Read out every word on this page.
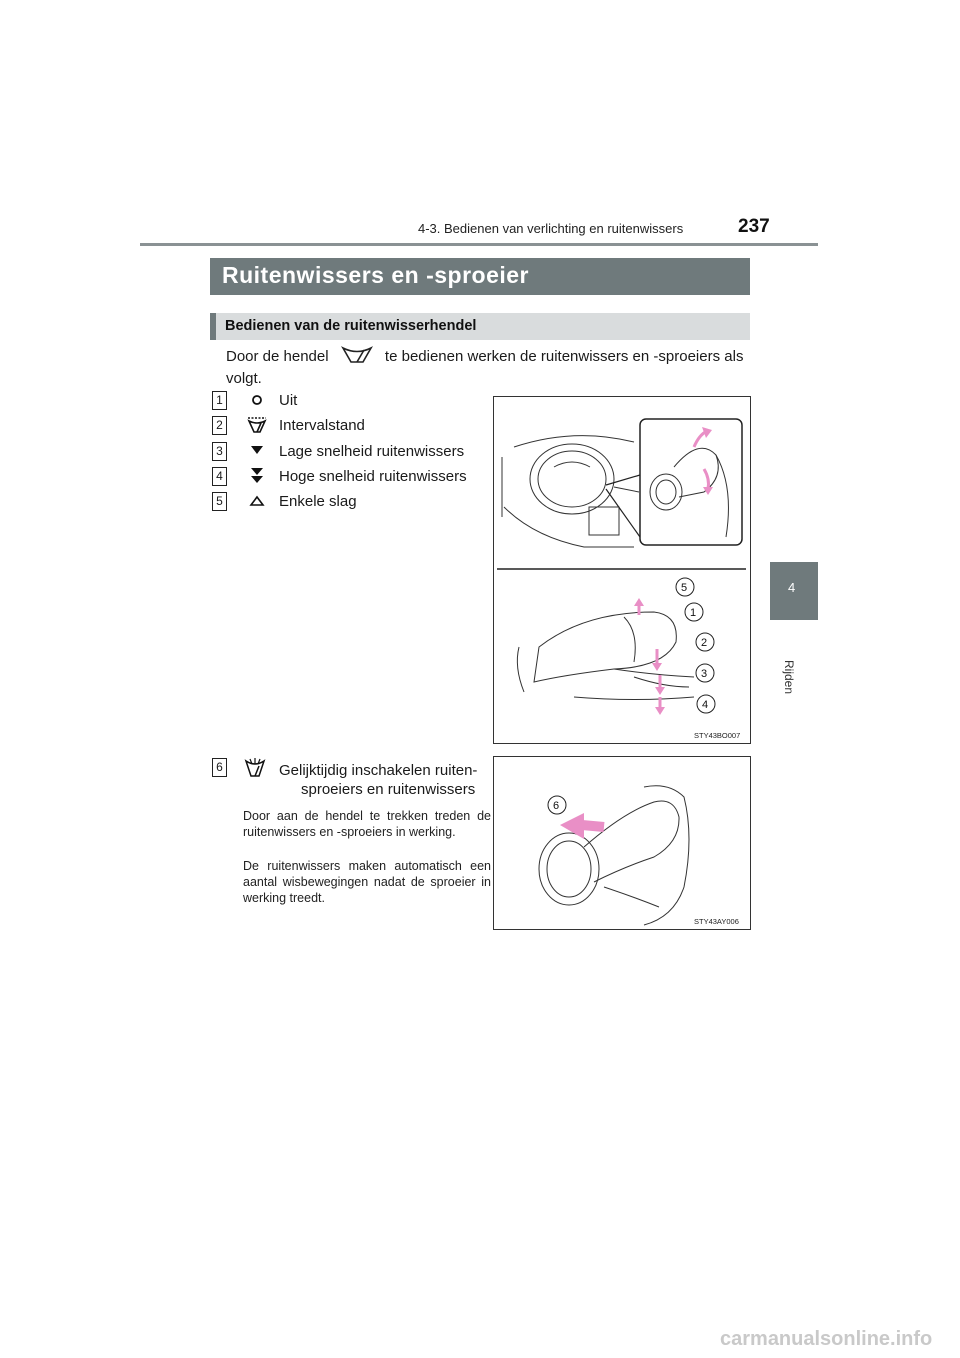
4-3. Bedienen van verlichting en ruitenwissers	237
4
Rijden
Ruitenwissers en -sproeier
Bedienen van de ruitenwisserhendel
Door de hendel	te bedienen werken de ruitenwissers en -sproeiers als volgt.
1	Uit
2	Intervalstand
3	Lage snelheid ruitenwissers
4	Hoge snelheid ruitenwissers
5	Enkele slag
5
1
2
3
4
STY43BO007
6	Gelijktijdig inschakelen ruiten-
sproeiers en ruitenwissers
Door aan de hendel te trekken treden de ruitenwissers en -sproeiers in werking.
De ruitenwissers maken automatisch een aantal wisbewegingen nadat de sproeier in werking treedt.
6
STY43AY006
carmanualsonline.info
